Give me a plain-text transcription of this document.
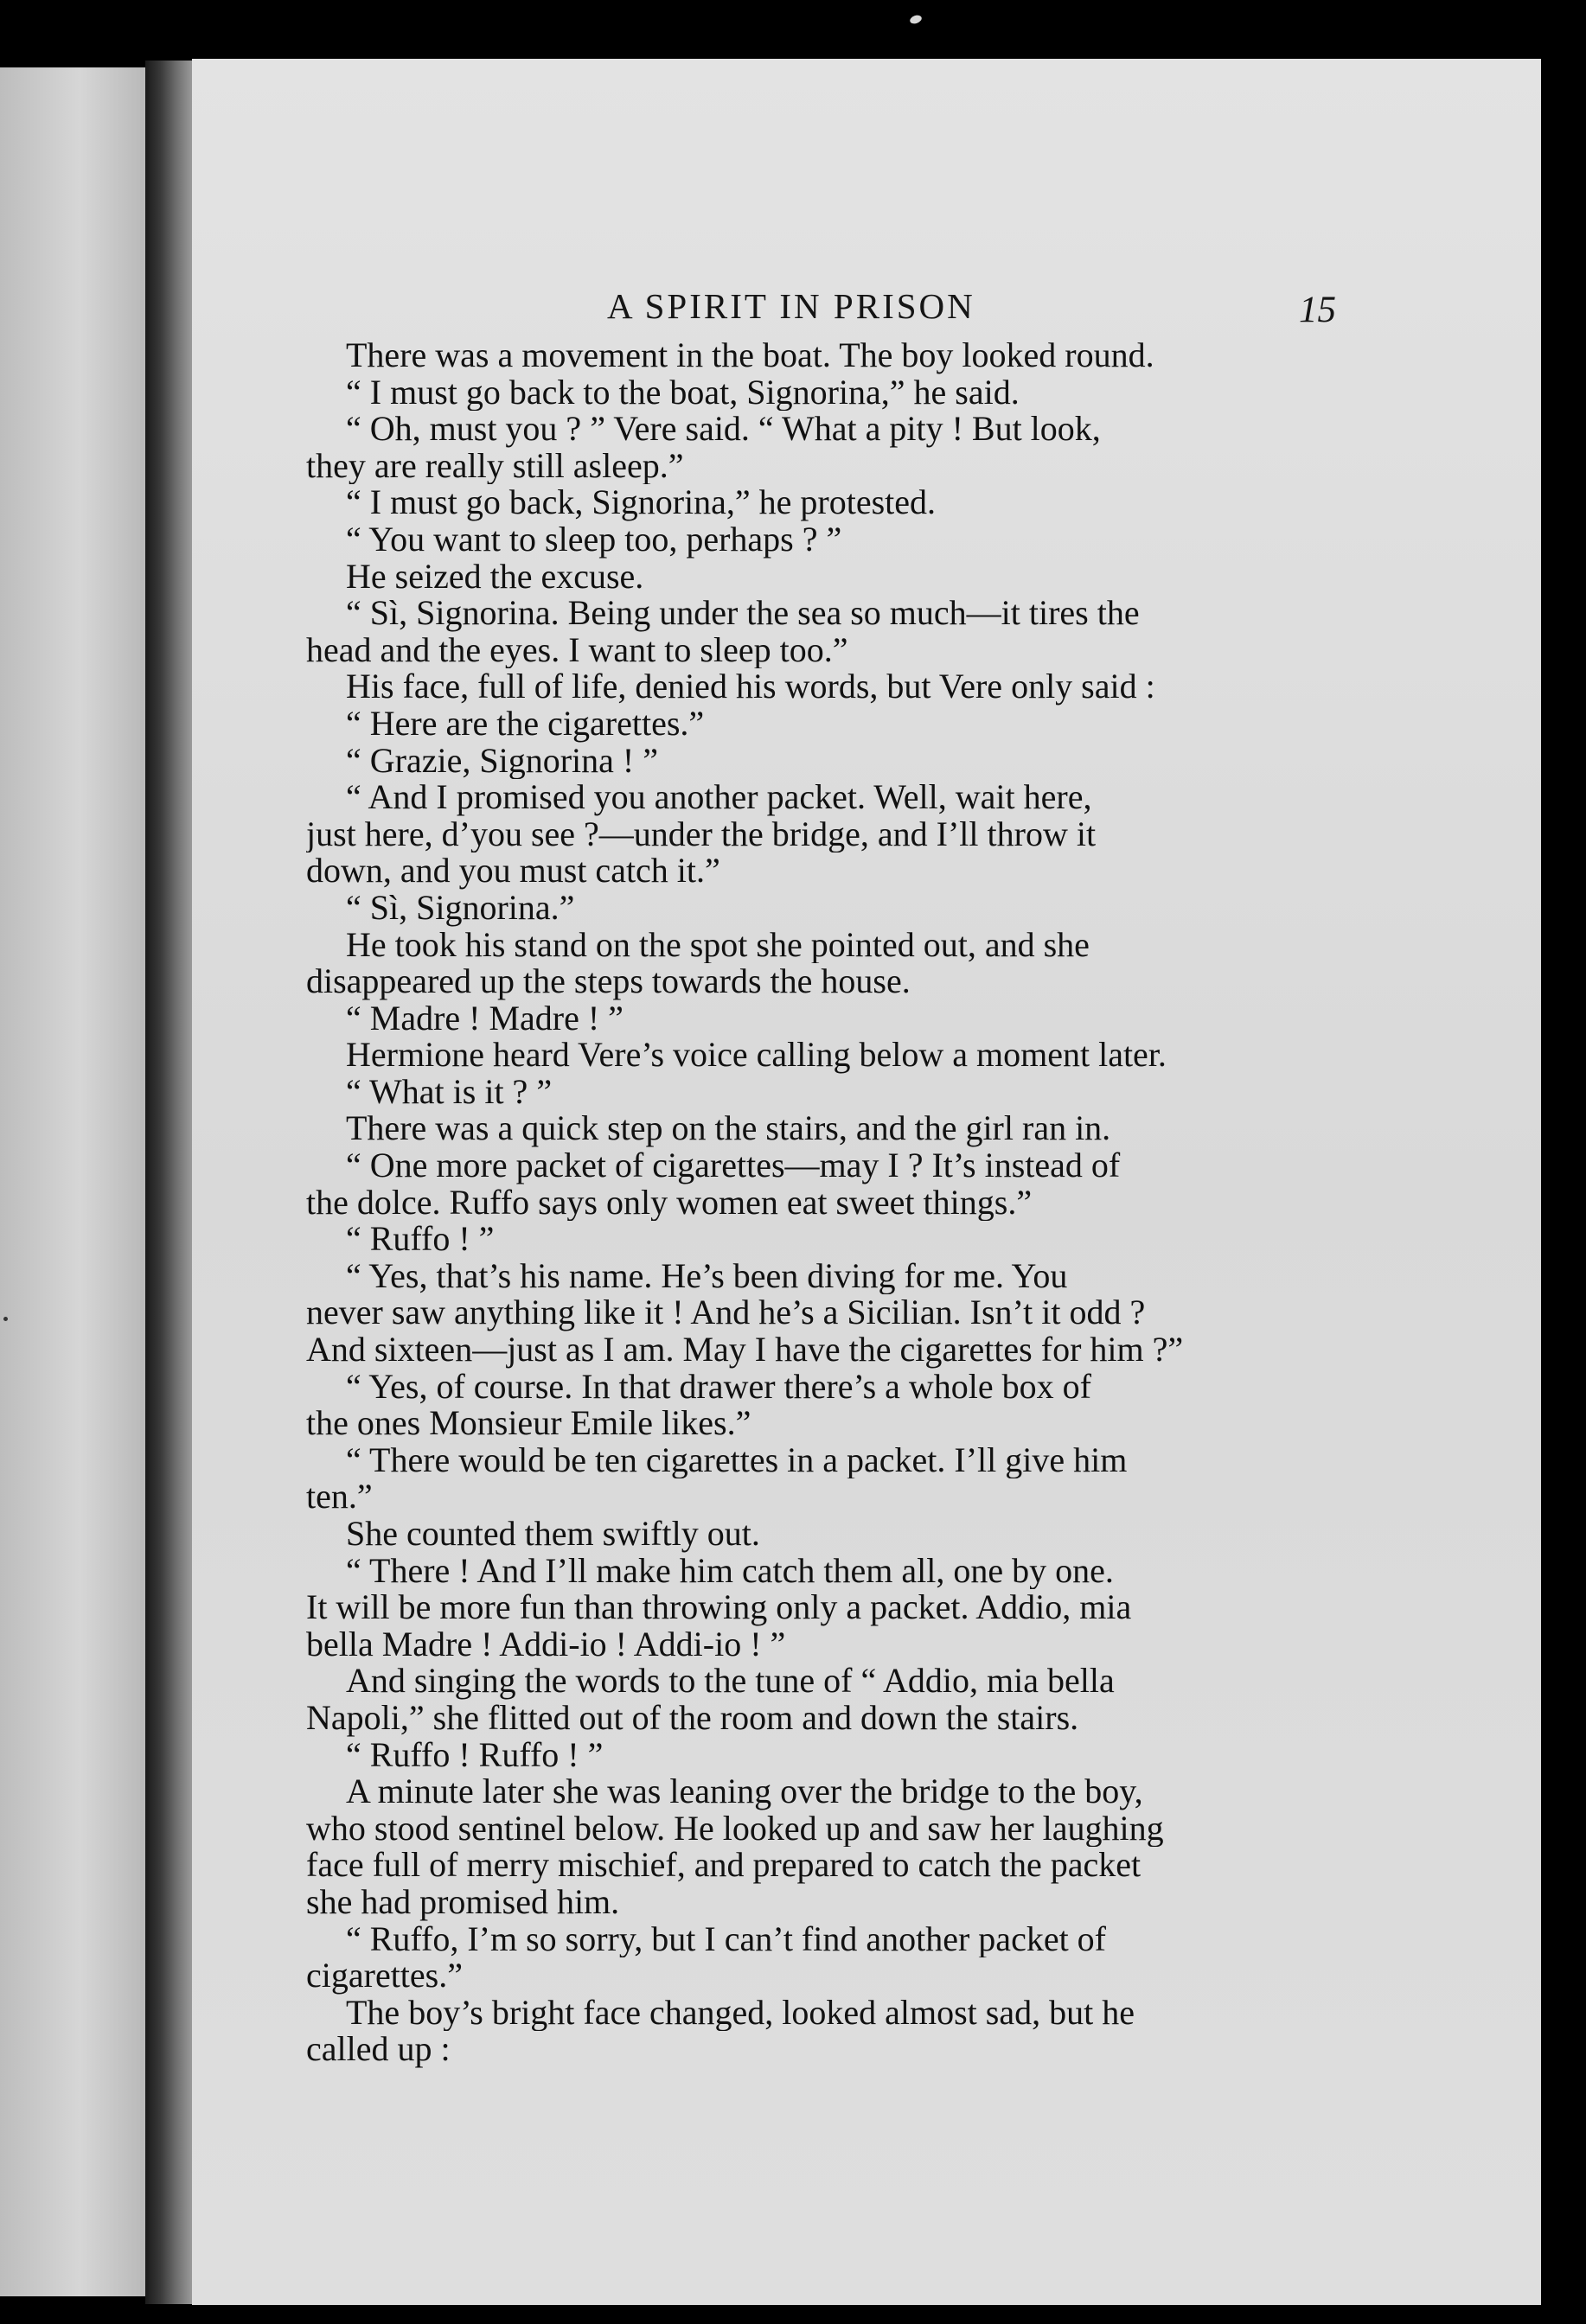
A SPIRIT IN PRISON	15
There was a movement in the boat. The boy looked round.
“ I must go back to the boat, Signorina,” he said.
“ Oh, must you ? ” Vere said. “ What a pity ! But look,
they are really still asleep.”
“ I must go back, Signorina,” he protested.
“ You want to sleep too, perhaps ? ”
He seized the excuse.
“ Sì, Signorina. Being under the sea so much—it tires the
head and the eyes. I want to sleep too.”
His face, full of life, denied his words, but Vere only said :
“ Here are the cigarettes.”
“ Grazie, Signorina ! ”
“ And I promised you another packet. Well, wait here,
just here, d’you see ?—under the bridge, and I’ll throw it
down, and you must catch it.”
“ Sì, Signorina.”
He took his stand on the spot she pointed out, and she
disappeared up the steps towards the house.
“ Madre ! Madre ! ”
Hermione heard Vere’s voice calling below a moment later.
“ What is it ? ”
There was a quick step on the stairs, and the girl ran in.
“ One more packet of cigarettes—may I ? It’s instead of
the dolce. Ruffo says only women eat sweet things.”
“ Ruffo ! ”
“ Yes, that’s his name. He’s been diving for me. You
never saw anything like it ! And he’s a Sicilian. Isn’t it odd ?
And sixteen—just as I am. May I have the cigarettes for him ?”
“ Yes, of course. In that drawer there’s a whole box of
the ones Monsieur Emile likes.”
“ There would be ten cigarettes in a packet. I’ll give him
ten.”
She counted them swiftly out.
“ There ! And I’ll make him catch them all, one by one.
It will be more fun than throwing only a packet. Addio, mia
bella Madre ! Addi-io ! Addi-io ! ”
And singing the words to the tune of “ Addio, mia bella
Napoli,” she flitted out of the room and down the stairs.
“ Ruffo ! Ruffo ! ”
A minute later she was leaning over the bridge to the boy,
who stood sentinel below. He looked up and saw her laughing
face full of merry mischief, and prepared to catch the packet
she had promised him.
“ Ruffo, I’m so sorry, but I can’t find another packet of
cigarettes.”
The boy’s bright face changed, looked almost sad, but he
called up :
